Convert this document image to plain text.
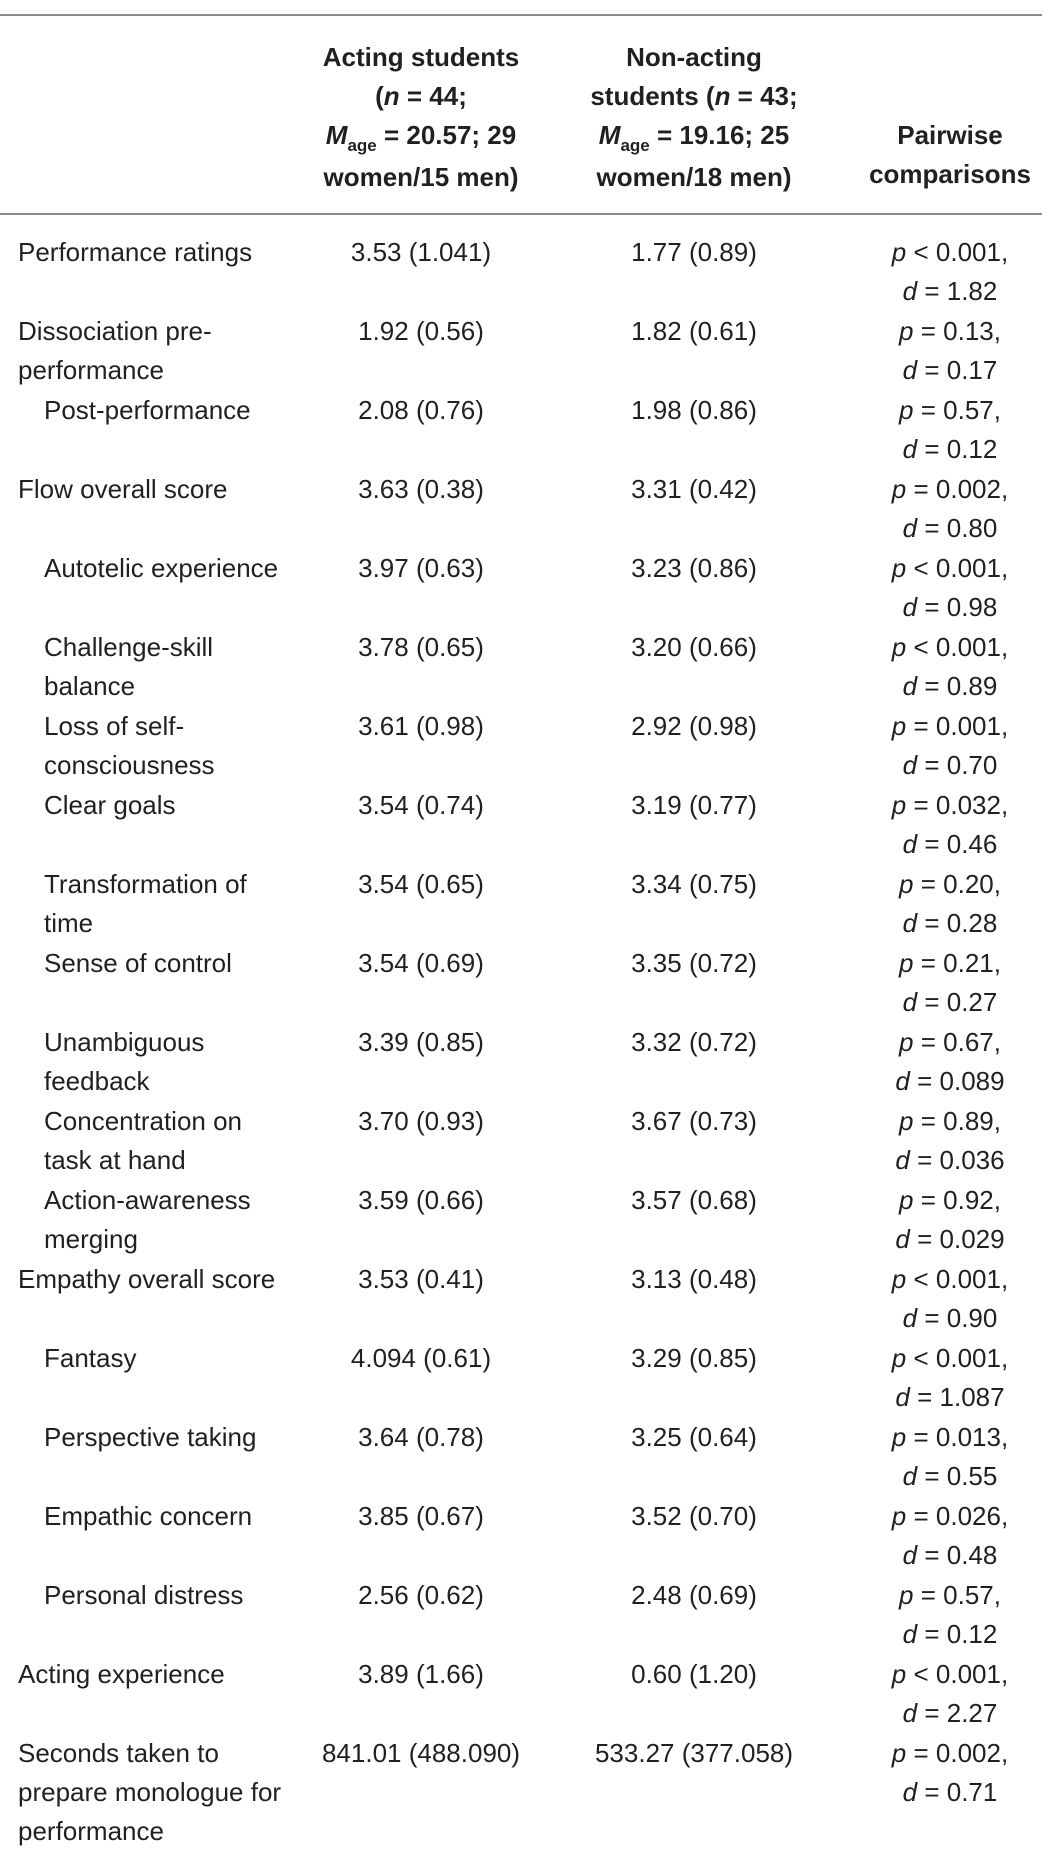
Acting students
(n = 44;
$M_{age} = 20.57$; 29
women/15 men)
Non-acting
students (n = 43;
$M_{age} = 19.16$; 25
women/18 men)
Pairwise
comparisons
Performance ratings	3.53 (1.041)	1.77 (0.89)	p < 0.001,
d = 1.82
Dissociation pre-performance
1.92 (0.56)	1.82 (0.61)	p = 0.13,
d = 0.17
Post-performance	2.08 (0.76)	1.98 (0.86)	p = 0.57,
d = 0.12
Flow overall score	3.63 (0.38)	3.31 (0.42)	p = 0.002,
d = 0.80
Autotelic experience	3.97 (0.63)	3.23 (0.86)	p < 0.001,
d = 0.98
Challenge-skill balance
3.78 (0.65)	3.20 (0.66)	p < 0.001,
d = 0.89
Loss of self-consciousness
3.61 (0.98)	2.92 (0.98)	p = 0.001,
d = 0.70
Clear goals	3.54 (0.74)	3.19 (0.77)	p = 0.032,
d = 0.46
Transformation of time
3.54 (0.65)	3.34 (0.75)	p = 0.20,
d = 0.28
Sense of control	3.54 (0.69)	3.35 (0.72)	p = 0.21,
d = 0.27
Unambiguous feedback
3.39 (0.85)	3.32 (0.72)	p = 0.67,
d = 0.089
Concentration on task at hand
3.70 (0.93)	3.67 (0.73)	p = 0.89,
d = 0.036
Action-awareness merging
3.59 (0.66)	3.57 (0.68)	p = 0.92,
d = 0.029
Empathy overall score	3.53 (0.41)	3.13 (0.48)	p < 0.001,
d = 0.90
Fantasy	4.094 (0.61)	3.29 (0.85)	p < 0.001,
d = 1.087
Perspective taking	3.64 (0.78)	3.25 (0.64)	p = 0.013,
d = 0.55
Empathic concern	3.85 (0.67)	3.52 (0.70)	p = 0.026,
d = 0.48
Personal distress	2.56 (0.62)	2.48 (0.69)	p = 0.57,
d = 0.12
Acting experience	3.89 (1.66)	0.60 (1.20)	p < 0.001,
d = 2.27
Seconds taken to prepare monologue for performance
841.01 (488.090)	533.27 (377.058)	p = 0.002,
d = 0.71
